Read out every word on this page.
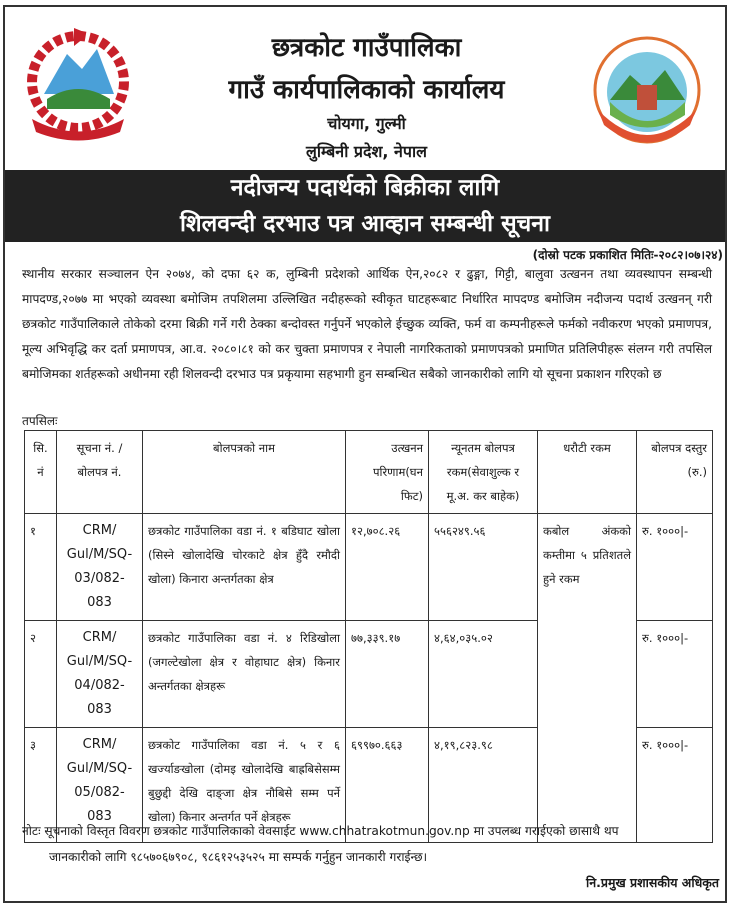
छत्रकोट गाउँपालिका
गाउँ कार्यपालिकाको कार्यालय
चोयगा, गुल्मी
लुम्बिनी प्रदेश, नेपाल
नदीजन्य पदार्थको बिक्रीका लागि
शिलवन्दी दरभाउ पत्र आव्हान सम्बन्धी सूचना
(दोस्रो पटक प्रकाशित मितिः-२०८२।०७।२४)
स्थानीय सरकार सञ्चालन ऐन २०७४, को दफा ६२ क, लुम्बिनी प्रदेशको आर्थिक ऐन,२०८२ र ढुङ्गा, गिट्टी, बालुवा उत्खनन तथा व्यवस्थापन सम्बन्धी मापदण्ड,२०७७ मा भएको व्यवस्था बमोजिम तपशिलमा उल्लिखित नदीहरूको स्वीकृत घाटहरूबाट निर्धारित मापदण्ड बमोजिम नदीजन्य पदार्थ उत्खनन् गरी छत्रकोट गाउँपालिकाले तोकेको दरमा बिक्री गर्ने गरी ठेक्का बन्दोवस्त गर्नुपर्ने भएकोले ईच्छुक व्यक्ति, फर्म वा कम्पनीहरूले फर्मको नवीकरण भएको प्रमाणपत्र, मूल्य अभिवृद्धि कर दर्ता प्रमाणपत्र, आ.व. २०८०।८१ को कर चुक्ता प्रमाणपत्र र नेपाली नागरिकताको प्रमाणपत्रको प्रमाणित प्रतिलिपीहरू संलग्न गरी तपसिल बमोजिमका शर्तहरूको अधीनमा रही शिलवन्दी दरभाउ पत्र प्रकृयामा सहभागी हुन सम्बन्धित सबैको जानकारीको लागि यो सूचना प्रकाशन गरिएको छ
तपसिलः
सि. नं	सूचना नं. /बोलपत्र नं.	बोलपत्रको नाम	उत्खनन परिणाम(घन फिट)	न्यूनतम बोलपत्र रकम(सेवाशुल्क र मू.अ. कर बाहेक)	धरौटी रकम	बोलपत्र दस्तुर (रु.)
१	CRM/ Gul/M/SQ- 03/082-083	छत्रकोट गाउँपालिका वडा नं. १ बडिघाट खोला (सिस्ने खोलादेखि चोरकाटे क्षेत्र हुँदै रमौदी खोला) किनारा अन्तर्गतका क्षेत्र	१२,७०८.२६	५५६२४९.५६	कबोल अंकको कम्तीमा ५ प्रतिशतले हुने रकम	रु. १०००|-
२	CRM/ Gul/M/SQ- 04/082-083	छत्रकोट गाउँपालिका वडा नं. ४ रिडिखोला (जगल्टेखोला क्षेत्र र वोहाघाट क्षेत्र) किनार अन्तर्गतका क्षेत्रहरू	७७,३३९.१७	४,६४,०३५.०२		रु. १०००|-
३	CRM/ Gul/M/SQ- 05/082-083	छत्रकोट गाउँपालिका वडा नं. ५ र ६ खर्ज्याङखोला (दोमइ खोलादेखि बाह्रबिसेसम्म बुछुद्दी देखि दाङ्जा क्षेत्र नौबिसे सम्म पर्ने खोला) किनार अन्तर्गत पर्ने क्षेत्रहरू	६९९७०.६६३	४,१९,८२३.९८		रु. १०००|-
नोटः सूचनाको विस्तृत विवरण छत्रकोट गाउँपालिकाको वेवसाईट www.chhatrakotmun.gov.np मा उपलब्ध गराईएको छासाथै थप
जानकारीको लागि ९८५७०६७९०८, ९८६१२५३५२५ मा सम्पर्क गर्नुहुन जानकारी गराईन्छ।
नि.प्रमुख प्रशासकीय अधिकृत
